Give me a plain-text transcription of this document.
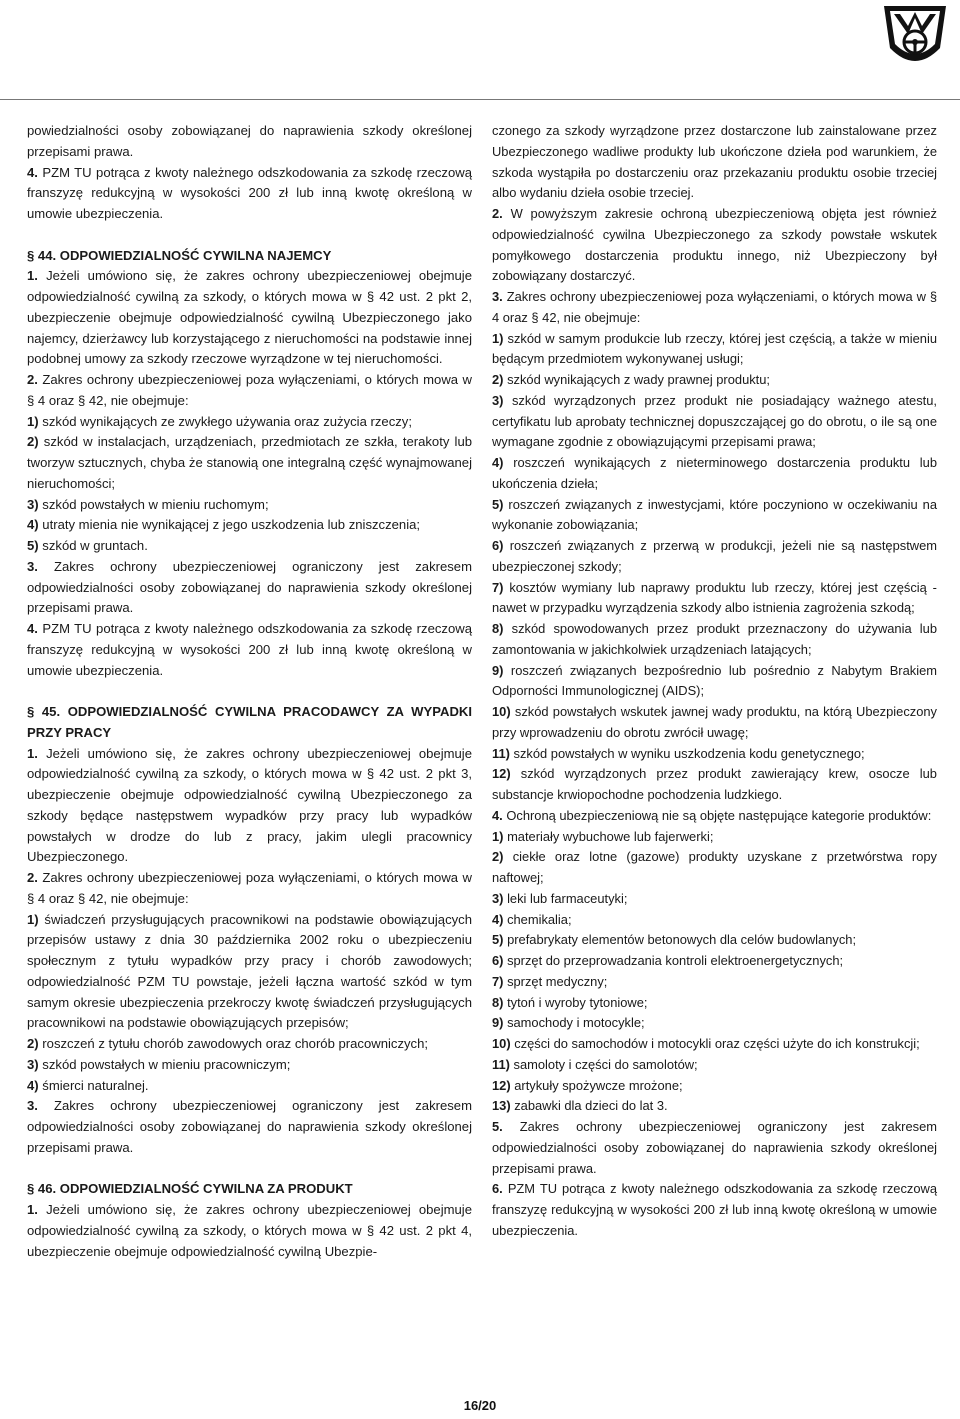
powiedzialności osoby zobowiązanej do naprawienia szkody określonej przepisami prawa.

4. PZM TU potrąca z kwoty należnego odszkodowania za szkodę rzeczową franszyzę redukcyjną w wysokości 200 zł lub inną kwotę określoną w umowie ubezpieczenia.

§ 44. ODPOWIEDZIALNOŚĆ CYWILNA NAJEMCY

1. Jeżeli umówiono się, że zakres ochrony ubezpieczeniowej obejmuje odpowiedzialność cywilną za szkody, o których mowa w § 42 ust. 2 pkt 2, ubezpieczenie obejmuje odpowiedzialność cywilną Ubezpieczonego jako najemcy, dzierżawcy lub korzystającego z nieruchomości na podstawie innej podobnej umowy za szkody rzeczowe wyrządzone w tej nieruchomości.

2. Zakres ochrony ubezpieczeniowej poza wyłączeniami, o których mowa w § 4 oraz § 42, nie obejmuje:

1) szkód wynikających ze zwykłego używania oraz zużycia rzeczy;

2) szkód w instalacjach, urządzeniach, przedmiotach ze szkła, terakoty lub tworzyw sztucznych, chyba że stanowią one integralną część wynajmowanej nieruchomości;

3) szkód powstałych w mieniu ruchomym;

4) utraty mienia nie wynikającej z jego uszkodzenia lub zniszczenia;

5) szkód w gruntach.

3. Zakres ochrony ubezpieczeniowej ograniczony jest zakresem odpowiedzialności osoby zobowiązanej do naprawienia szkody określonej przepisami prawa.

4. PZM TU potrąca z kwoty należnego odszkodowania za szkodę rzeczową franszyzę redukcyjną w wysokości 200 zł lub inną kwotę określoną w umowie ubezpieczenia.

§ 45. ODPOWIEDZIALNOŚĆ CYWILNA PRACODAWCY ZA WYPADKI PRZY PRACY

1. Jeżeli umówiono się, że zakres ochrony ubezpieczeniowej obejmuje odpowiedzialność cywilną za szkody, o których mowa w § 42 ust. 2 pkt 3, ubezpieczenie obejmuje odpowiedzialność cywilną Ubezpieczonego za szkody będące następstwem wypadków przy pracy lub wypadków powstałych w drodze do lub z pracy, jakim ulegli pracownicy Ubezpieczonego.

2. Zakres ochrony ubezpieczeniowej poza wyłączeniami, o których mowa w § 4 oraz § 42, nie obejmuje:

1) świadczeń przysługujących pracownikowi na podstawie obowiązujących przepisów ustawy z dnia 30 października 2002 roku o ubezpieczeniu społecznym z tytułu wypadków przy pracy i chorób zawodowych; odpowiedzialność PZM TU powstaje, jeżeli łączna wartość szkód w tym samym okresie ubezpieczenia przekroczy kwotę świadczeń przysługujących pracownikowi na podstawie obowiązujących przepisów;

2) roszczeń z tytułu chorób zawodowych oraz chorób pracowniczych;

3) szkód powstałych w mieniu pracowniczym;

4) śmierci naturalnej.

3. Zakres ochrony ubezpieczeniowej ograniczony jest zakresem odpowiedzialności osoby zobowiązanej do naprawienia szkody określonej przepisami prawa.

§ 46. ODPOWIEDZIALNOŚĆ CYWILNA ZA PRODUKT

1. Jeżeli umówiono się, że zakres ochrony ubezpieczeniowej obejmuje odpowiedzialność cywilną za szkody, o których mowa w § 42 ust. 2 pkt 4, ubezpieczenie obejmuje odpowiedzialność cywilną Ubezpie-

czonego za szkody wyrządzone przez dostarczone lub zainstalowane przez Ubezpieczonego wadliwe produkty lub ukończone dzieła pod warunkiem, że szkoda wystąpiła po dostarczeniu oraz przekazaniu produktu osobie trzeciej albo wydaniu dzieła osobie trzeciej.

2. W powyższym zakresie ochroną ubezpieczeniową objęta jest również odpowiedzialność cywilna Ubezpieczonego za szkody powstałe wskutek pomyłkowego dostarczenia produktu innego, niż Ubezpieczony był zobowiązany dostarczyć.

3. Zakres ochrony ubezpieczeniowej poza wyłączeniami, o których mowa w § 4 oraz § 42, nie obejmuje:

1) szkód w samym produkcie lub rzeczy, której jest częścią, a także w mieniu będącym przedmiotem wykonywanej usługi;

2) szkód wynikających z wady prawnej produktu;

3) szkód wyrządzonych przez produkt nie posiadający ważnego atestu, certyfikatu lub aprobaty technicznej dopuszczającej go do obrotu, o ile są one wymagane zgodnie z obowiązującymi przepisami prawa;

4) roszczeń wynikających z nieterminowego dostarczenia produktu lub ukończenia dzieła;

5) roszczeń związanych z inwestycjami, które poczyniono w oczekiwaniu na wykonanie zobowiązania;

6) roszczeń związanych z przerwą w produkcji, jeżeli nie są następstwem ubezpieczonej szkody;

7) kosztów wymiany lub naprawy produktu lub rzeczy, której jest częścią - nawet w przypadku wyrządzenia szkody albo istnienia zagrożenia szkodą;

8) szkód spowodowanych przez produkt przeznaczony do używania lub zamontowania w jakichkolwiek urządzeniach latających;

9) roszczeń związanych bezpośrednio lub pośrednio z Nabytym Brakiem Odporności Immunologicznej (AIDS);

10) szkód powstałych wskutek jawnej wady produktu, na którą Ubezpieczony przy wprowadzeniu do obrotu zwrócił uwagę;

11) szkód powstałych w wyniku uszkodzenia kodu genetycznego;

12) szkód wyrządzonych przez produkt zawierający krew, osocze lub substancje krwiopochodne pochodzenia ludzkiego.

4. Ochroną ubezpieczeniową nie są objęte następujące kategorie produktów:

1) materiały wybuchowe lub fajerwerki;

2) ciekłe oraz lotne (gazowe) produkty uzyskane z przetwórstwa ropy naftowej;

3) leki lub farmaceutyki;

4) chemikalia;

5) prefabrykaty elementów betonowych dla celów budowlanych;

6) sprzęt do przeprowadzania kontroli elektroenergetycznych;

7) sprzęt medyczny;

8) tytoń i wyroby tytoniowe;

9) samochody i motocykle;

10) części do samochodów i motocykli oraz części użyte do ich konstrukcji;

11) samoloty i części do samolotów;

12) artykuły spożywcze mrożone;

13) zabawki dla dzieci do lat 3.

5. Zakres ochrony ubezpieczeniowej ograniczony jest zakresem odpowiedzialności osoby zobowiązanej do naprawienia szkody określonej przepisami prawa.

6. PZM TU potrąca z kwoty należnego odszkodowania za szkodę rzeczową franszyzę redukcyjną w wysokości 200 zł lub inną kwotę określoną w umowie ubezpieczenia.

16/20
